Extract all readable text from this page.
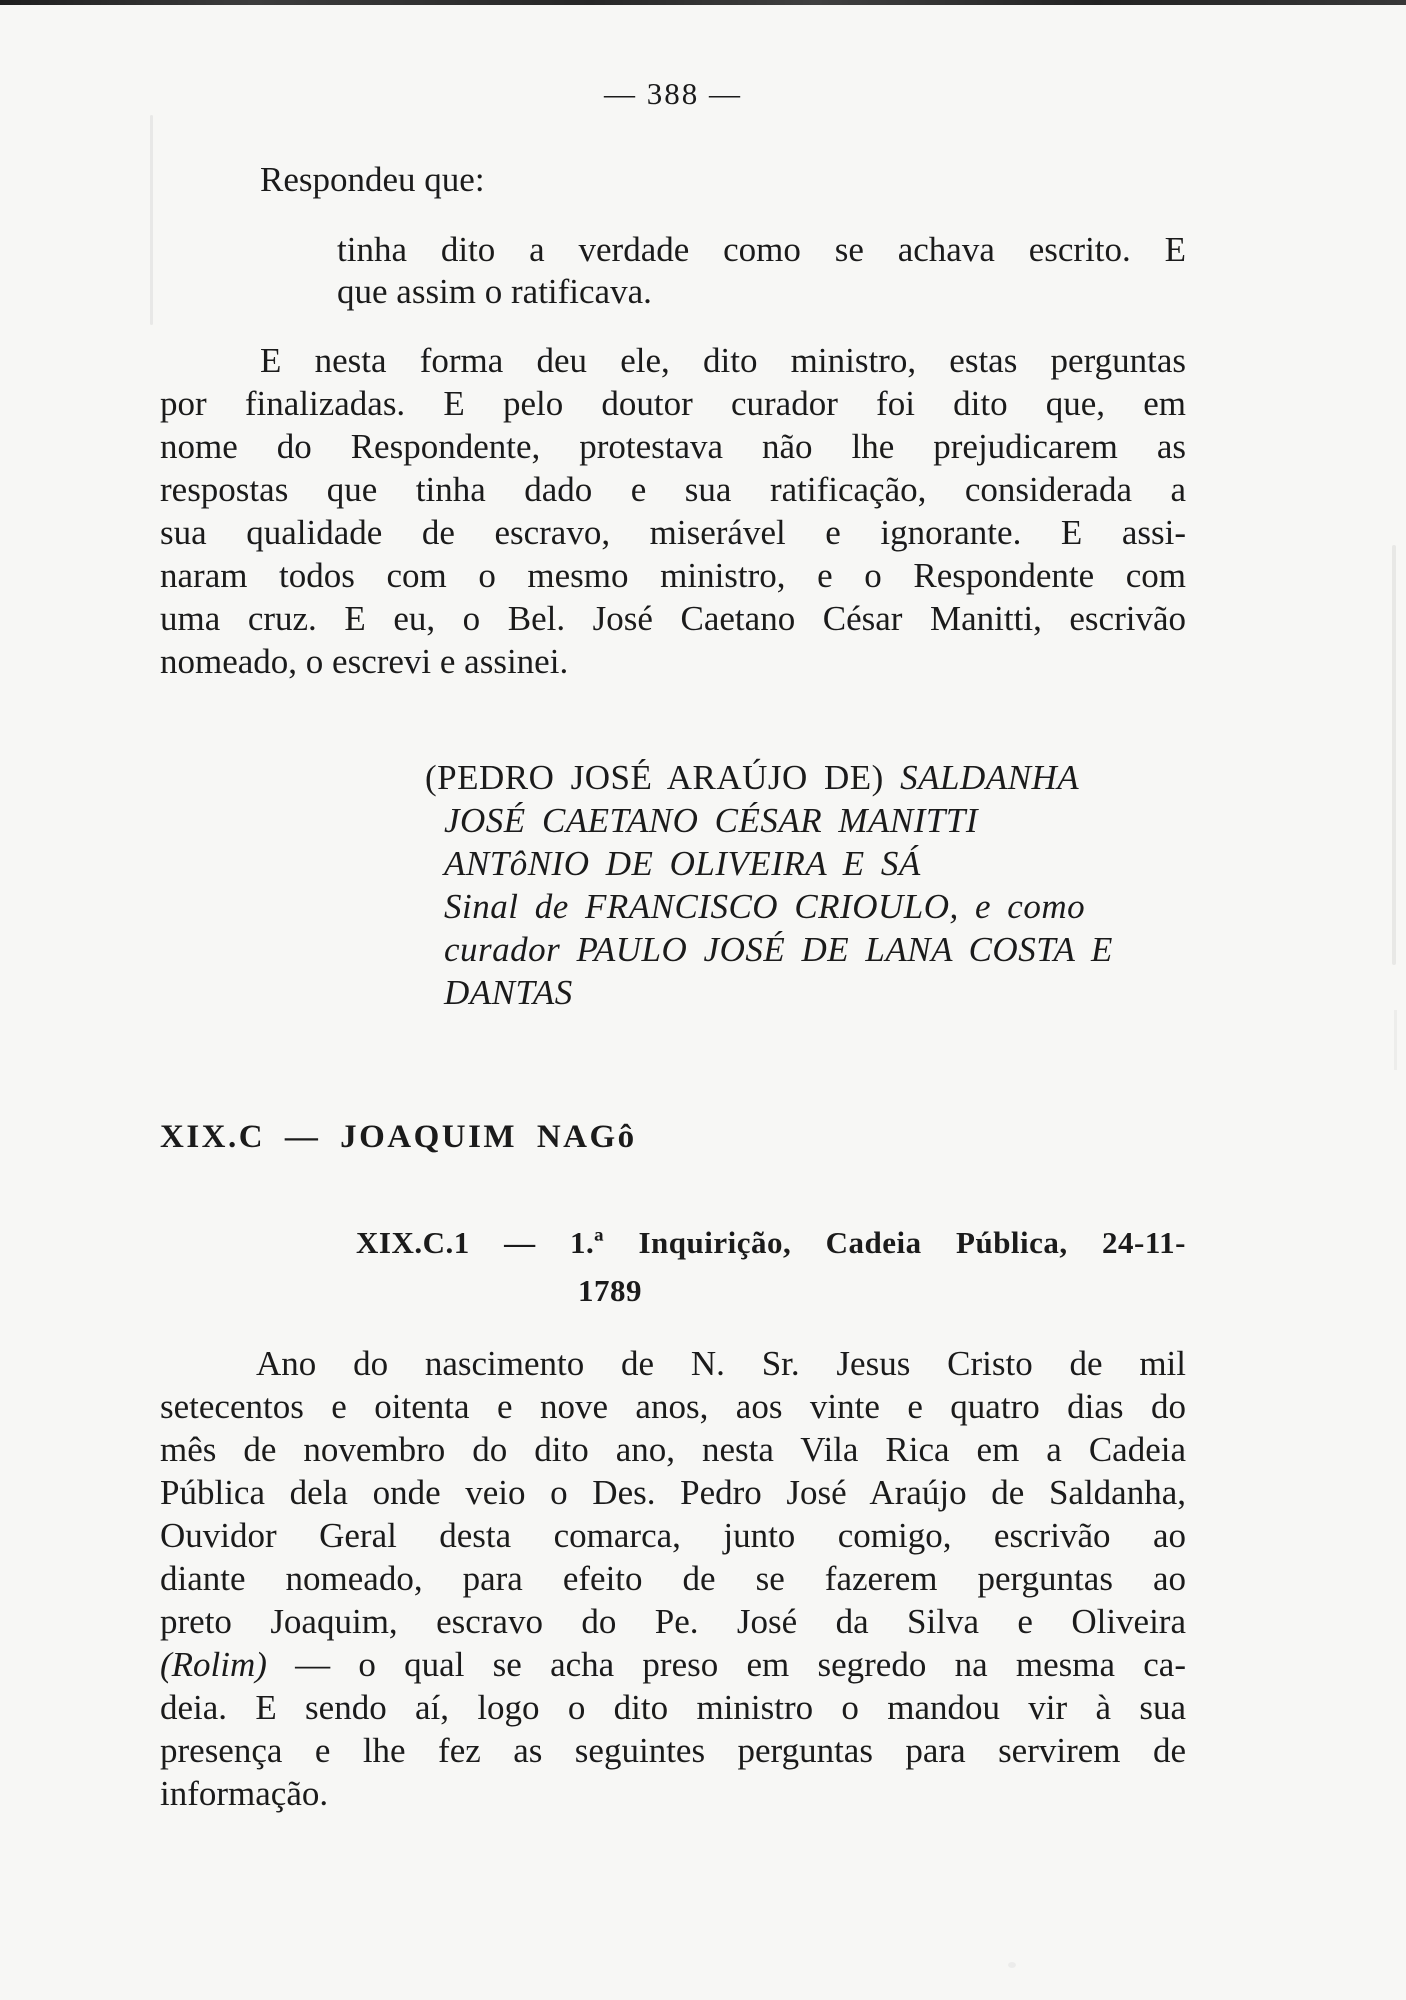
— 388 —
Respondeu que:
tinha dito a verdade como se achava escrito. E
que assim o ratificava.
E nesta forma deu ele, dito ministro, estas perguntas
por finalizadas. E pelo doutor curador foi dito que, em
nome do Respondente, protestava não lhe prejudicarem as
respostas que tinha dado e sua ratificação, considerada a
sua qualidade de escravo, miserável e ignorante. E assi-
naram todos com o mesmo ministro, e o Respondente com
uma cruz. E eu, o Bel. José Caetano César Manitti, escrivão
nomeado, o escrevi e assinei.
(PEDRO JOSÉ ARAÚJO DE) SALDANHA
JOSÉ CAETANO CÉSAR MANITTI
ANTôNIO DE OLIVEIRA E SÁ
Sinal de FRANCISCO CRIOULO, e como
curador PAULO JOSÉ DE LANA COSTA E
DANTAS
XIX.C — JOAQUIM NAGô
XIX.C.1 — 1.ª Inquirição, Cadeia Pública, 24-11-
1789
Ano do nascimento de N. Sr. Jesus Cristo de mil
setecentos e oitenta e nove anos, aos vinte e quatro dias do
mês de novembro do dito ano, nesta Vila Rica em a Cadeia
Pública dela onde veio o Des. Pedro José Araújo de Saldanha,
Ouvidor Geral desta comarca, junto comigo, escrivão ao
diante nomeado, para efeito de se fazerem perguntas ao
preto Joaquim, escravo do Pe. José da Silva e Oliveira
(Rolim) — o qual se acha preso em segredo na mesma ca-
deia. E sendo aí, logo o dito ministro o mandou vir à sua
presença e lhe fez as seguintes perguntas para servirem de
informação.
